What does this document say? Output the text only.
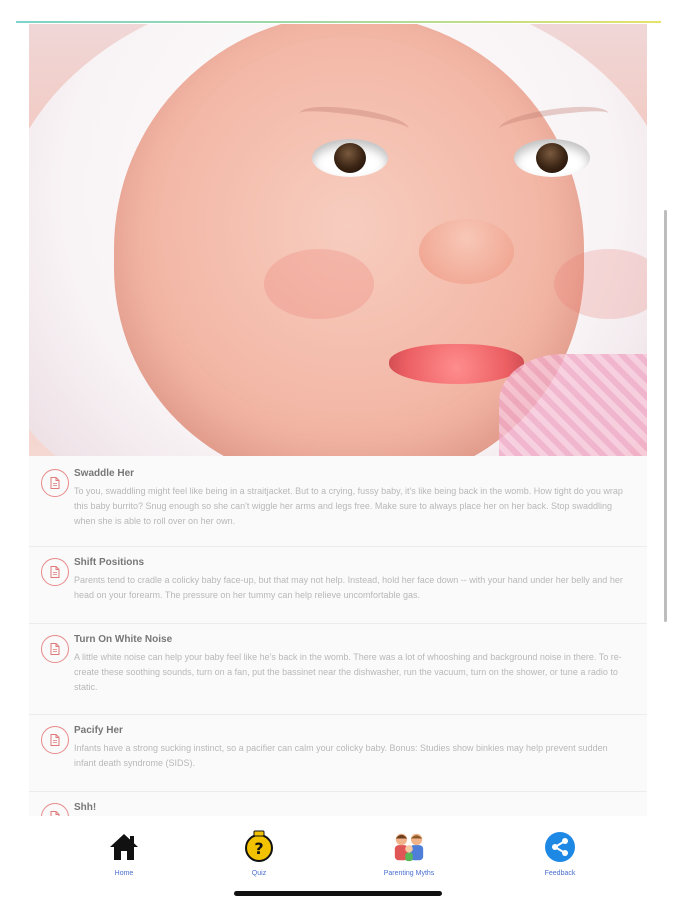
Swaddle Her
To you, swaddling might feel like being in a straitjacket. But to a crying, fussy baby, it's like being back in the womb. How tight do you wrap this baby burrito? Snug enough so she can't wiggle her arms and legs free. Make sure to always place her on her back. Stop swaddling when she is able to roll over on her own.
Shift Positions
Parents tend to cradle a colicky baby face-up, but that may not help. Instead, hold her face down -- with your hand under her belly and her head on your forearm. The pressure on her tummy can help relieve uncomfortable gas.
Turn On White Noise
A little white noise can help your baby feel like he's back in the womb. There was a lot of whooshing and background noise in there. To re-create these soothing sounds, turn on a fan, put the bassinet near the dishwasher, run the vacuum, turn on the shower, or tune a radio to static.
Pacify Her
Infants have a strong sucking instinct, so a pacifier can calm your colicky baby. Bonus: Studies show binkies may help prevent sudden infant death syndrome (SIDS).
Shh!
Home
?
Quiz	Parenting Myths	Feedback
